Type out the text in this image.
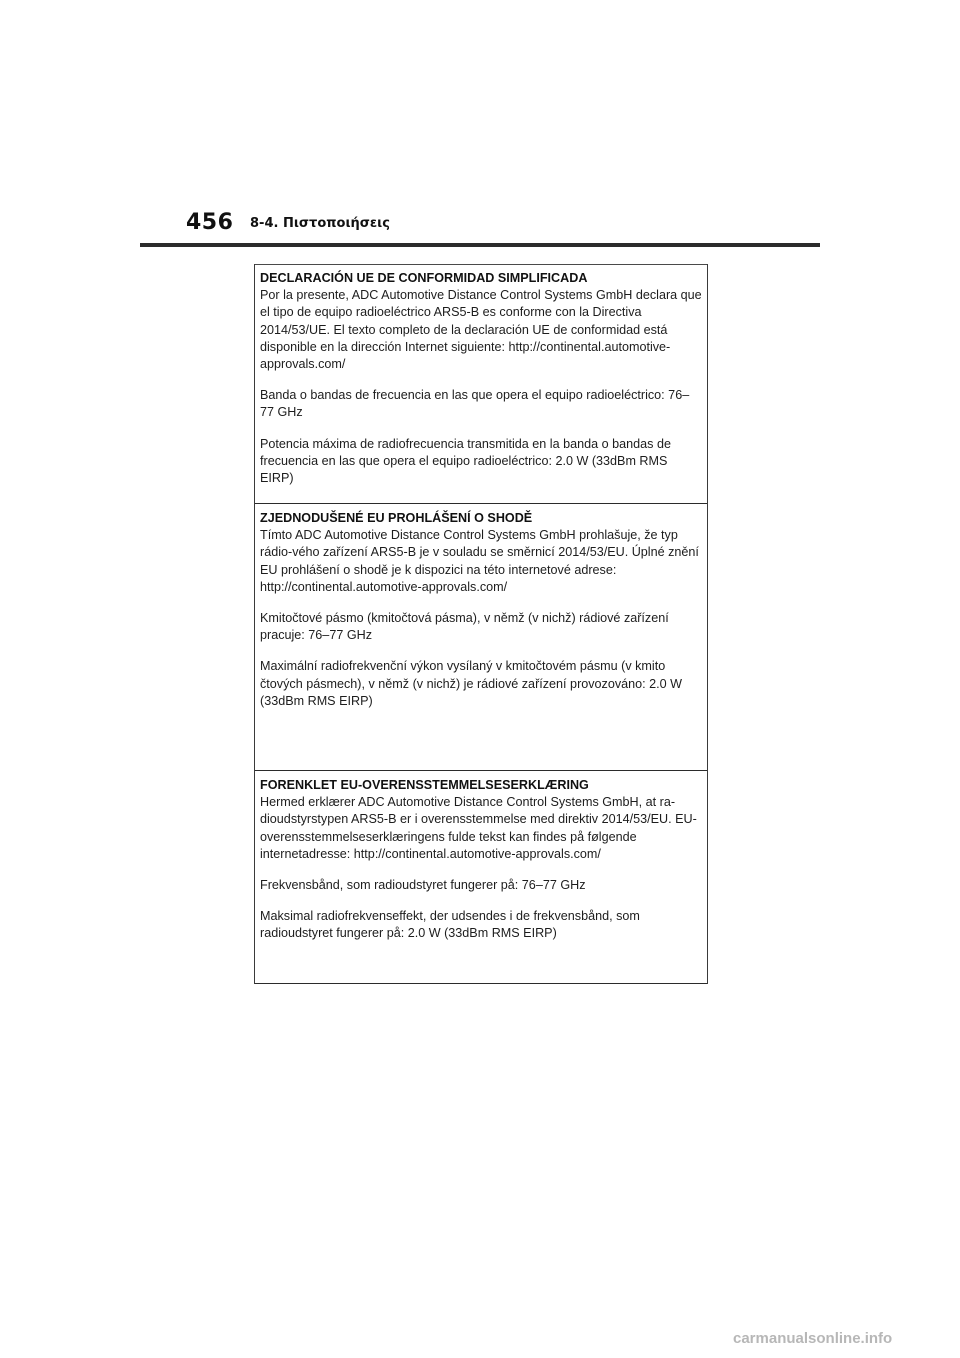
456 8-4. Πιστοποιήσεις
DECLARACIÓN UE DE CONFORMIDAD SIMPLIFICADA

Por la presente, ADC Automotive Distance Control Systems GmbH declara que el tipo de equipo radioeléctrico ARS5-B es conforme con la Directiva 2014/53/UE. El texto completo de la declaración UE de conformidad está disponible en la dirección Internet siguiente: http://continental.automotive-approvals.com/

Banda o bandas de frecuencia en las que opera el equipo radioeléctrico: 76–77 GHz

Potencia máxima de radiofrecuencia transmitida en la banda o bandas de frecuencia en las que opera el equipo radioeléctrico: 2.0 W (33dBm RMS EIRP)

ZJEDNODUŠENÉ EU PROHLÁŠENÍ O SHODĚ

Tímto ADC Automotive Distance Control Systems GmbH prohlašuje, že typ rádio-vého zařízení ARS5-B je v souladu se směrnicí 2014/53/EU. Úplné znění EU prohlášení o shodě je k dispozici na této internetové adrese: http://continental.automotive-approvals.com/

Kmitočtové pásmo (kmitočtová pásma), v němž (v nichž) rádiové zařízení pracuje: 76–77 GHz

Maximální radiofrekvenční výkon vysílaný v kmitočtovém pásmu (v kmito čtových pásmech), v němž (v nichž) je rádiové zařízení provozováno: 2.0 W (33dBm RMS EIRP)

FORENKLET EU-OVERENSSTEMMELSESERKLÆRING

Hermed erklærer ADC Automotive Distance Control Systems GmbH, at ra-dioudstyrstypen ARS5-B er i overensstemmelse med direktiv 2014/53/EU. EU-overensstemmelseserklæringens fulde tekst kan findes på følgende internetadresse: http://continental.automotive-approvals.com/

Frekvensbånd, som radioudstyret fungerer på: 76–77 GHz

Maksimal radiofrekvenseffekt, der udsendes i de frekvensbånd, som radioudstyret fungerer på: 2.0 W (33dBm RMS EIRP)

carmanualsonline.info
